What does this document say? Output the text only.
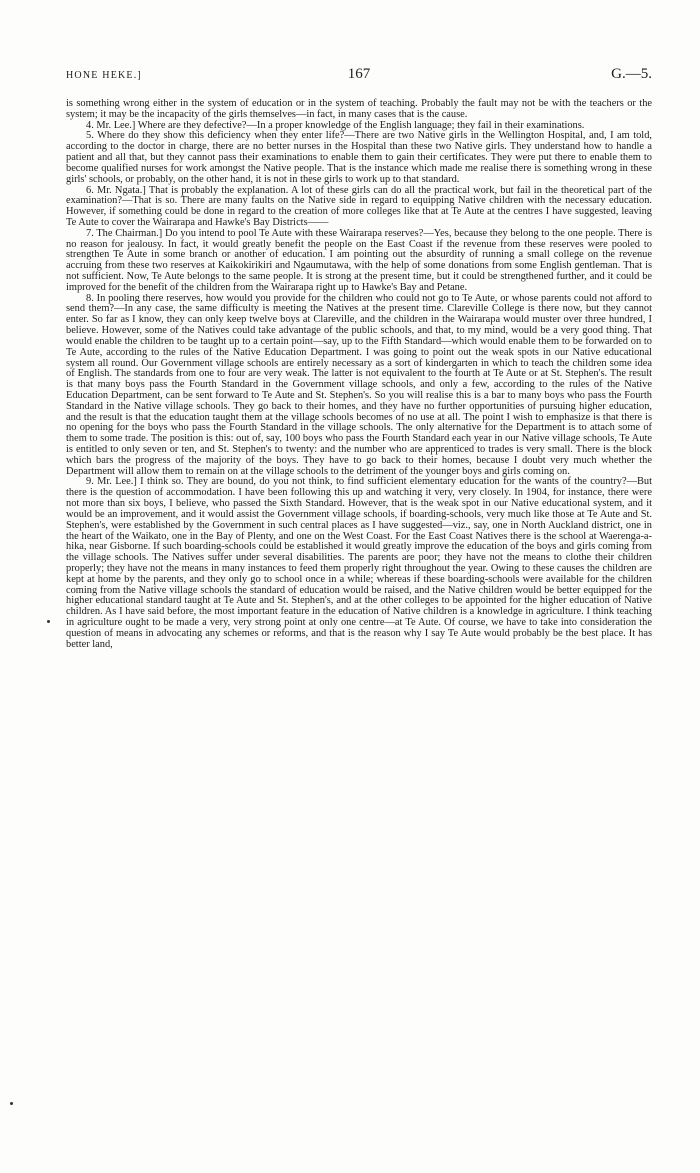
HONE HEKE.]	167	G.—5.

is something wrong either in the system of education or in the system of teaching. Probably the fault may not be with the teachers or the system; it may be the incapacity of the girls themselves—in fact, in many cases that is the cause.

4. Mr. Lee.] Where are they defective?—In a proper knowledge of the English language; they fail in their examinations.

5. Where do they show this deficiency when they enter life?—There are two Native girls in the Wellington Hospital, and, I am told, according to the doctor in charge, there are no better nurses in the Hospital than these two Native girls. They understand how to handle a patient and all that, but they cannot pass their examinations to enable them to gain their certificates. They were put there to enable them to become qualified nurses for work amongst the Native people. That is the instance which made me realise there is something wrong in these girls' schools, or probably, on the other hand, it is not in these girls to work up to that standard.

6. Mr. Ngata.] That is probably the explanation. A lot of these girls can do all the practical work, but fail in the theoretical part of the examination?—That is so. There are many faults on the Native side in regard to equipping Native children with the necessary education. However, if something could be done in regard to the creation of more colleges like that at Te Aute at the centres I have suggested, leaving Te Aute to cover the Wairarapa and Hawke's Bay Districts——

7. The Chairman.] Do you intend to pool Te Aute with these Wairarapa reserves?—Yes, because they belong to the one people. There is no reason for jealousy. In fact, it would greatly benefit the people on the East Coast if the revenue from these reserves were pooled to strengthen Te Aute in some branch or another of education. I am pointing out the absurdity of running a small college on the revenue accruing from these two reserves at Kaikokirikiri and Ngaumutawa, with the help of some donations from some English gentleman. That is not sufficient. Now, Te Aute belongs to the same people. It is strong at the present time, but it could be strengthened further, and it could be improved for the benefit of the children from the Wairarapa right up to Hawke's Bay and Petane.

8. In pooling there reserves, how would you provide for the children who could not go to Te Aute, or whose parents could not afford to send them?—In any case, the same difficulty is meeting the Natives at the present time. Clareville College is there now, but they cannot enter. So far as I know, they can only keep twelve boys at Clareville, and the children in the Wairarapa would muster over three hundred, I believe. However, some of the Natives could take advantage of the public schools, and that, to my mind, would be a very good thing. That would enable the children to be taught up to a certain point—say, up to the Fifth Standard—which would enable them to be forwarded on to Te Aute, according to the rules of the Native Education Department. I was going to point out the weak spots in our Native educational system all round. Our Government village schools are entirely necessary as a sort of kindergarten in which to teach the children some idea of English. The standards from one to four are very weak. The latter is not equivalent to the fourth at Te Aute or at St. Stephen's. The result is that many boys pass the Fourth Standard in the Government village schools, and only a few, according to the rules of the Native Education Department, can be sent forward to Te Aute and St. Stephen's. So you will realise this is a bar to many boys who pass the Fourth Standard in the Native village schools. They go back to their homes, and they have no further opportunities of pursuing higher education, and the result is that the education taught them at the village schools becomes of no use at all. The point I wish to emphasize is that there is no opening for the boys who pass the Fourth Standard in the village schools. The only alternative for the Department is to attach some of them to some trade. The position is this: out of, say, 100 boys who pass the Fourth Standard each year in our Native village schools, Te Aute is entitled to only seven or ten, and St. Stephen's to twenty: and the number who are apprenticed to trades is very small. There is the block which bars the progress of the majority of the boys. They have to go back to their homes, because I doubt very much whether the Department will allow them to remain on at the village schools to the detriment of the younger boys and girls coming on.

9. Mr. Lee.] I think so. They are bound, do you not think, to find sufficient elementary education for the wants of the country?—But there is the question of accommodation. I have been following this up and watching it very, very closely. In 1904, for instance, there were not more than six boys, I believe, who passed the Sixth Standard. However, that is the weak spot in our Native educational system, and it would be an improvement, and it would assist the Government village schools, if boarding-schools, very much like those at Te Aute and St. Stephen's, were established by the Government in such central places as I have suggested—viz., say, one in North Auckland district, one in the heart of the Waikato, one in the Bay of Plenty, and one on the West Coast. For the East Coast Natives there is the school at Waerenga-a-hika, near Gisborne. If such boarding-schools could be established it would greatly improve the education of the boys and girls coming from the village schools. The Natives suffer under several disabilities. The parents are poor; they have not the means to clothe their children properly; they have not the means in many instances to feed them properly right throughout the year. Owing to these causes the children are kept at home by the parents, and they only go to school once in a while; whereas if these boarding-schools were available for the children coming from the Native village schools the standard of education would be raised, and the Native children would be better equipped for the higher educational standard taught at Te Aute and St. Stephen's, and at the other colleges to be appointed for the higher education of Native children. As I have said before, the most important feature in the education of Native children is a knowledge in agriculture. I think teaching in agriculture ought to be made a very, very strong point at only one centre—at Te Aute. Of course, we have to take into consideration the question of means in advocating any schemes or reforms, and that is the reason why I say Te Aute would probably be the best place. It has better land,
